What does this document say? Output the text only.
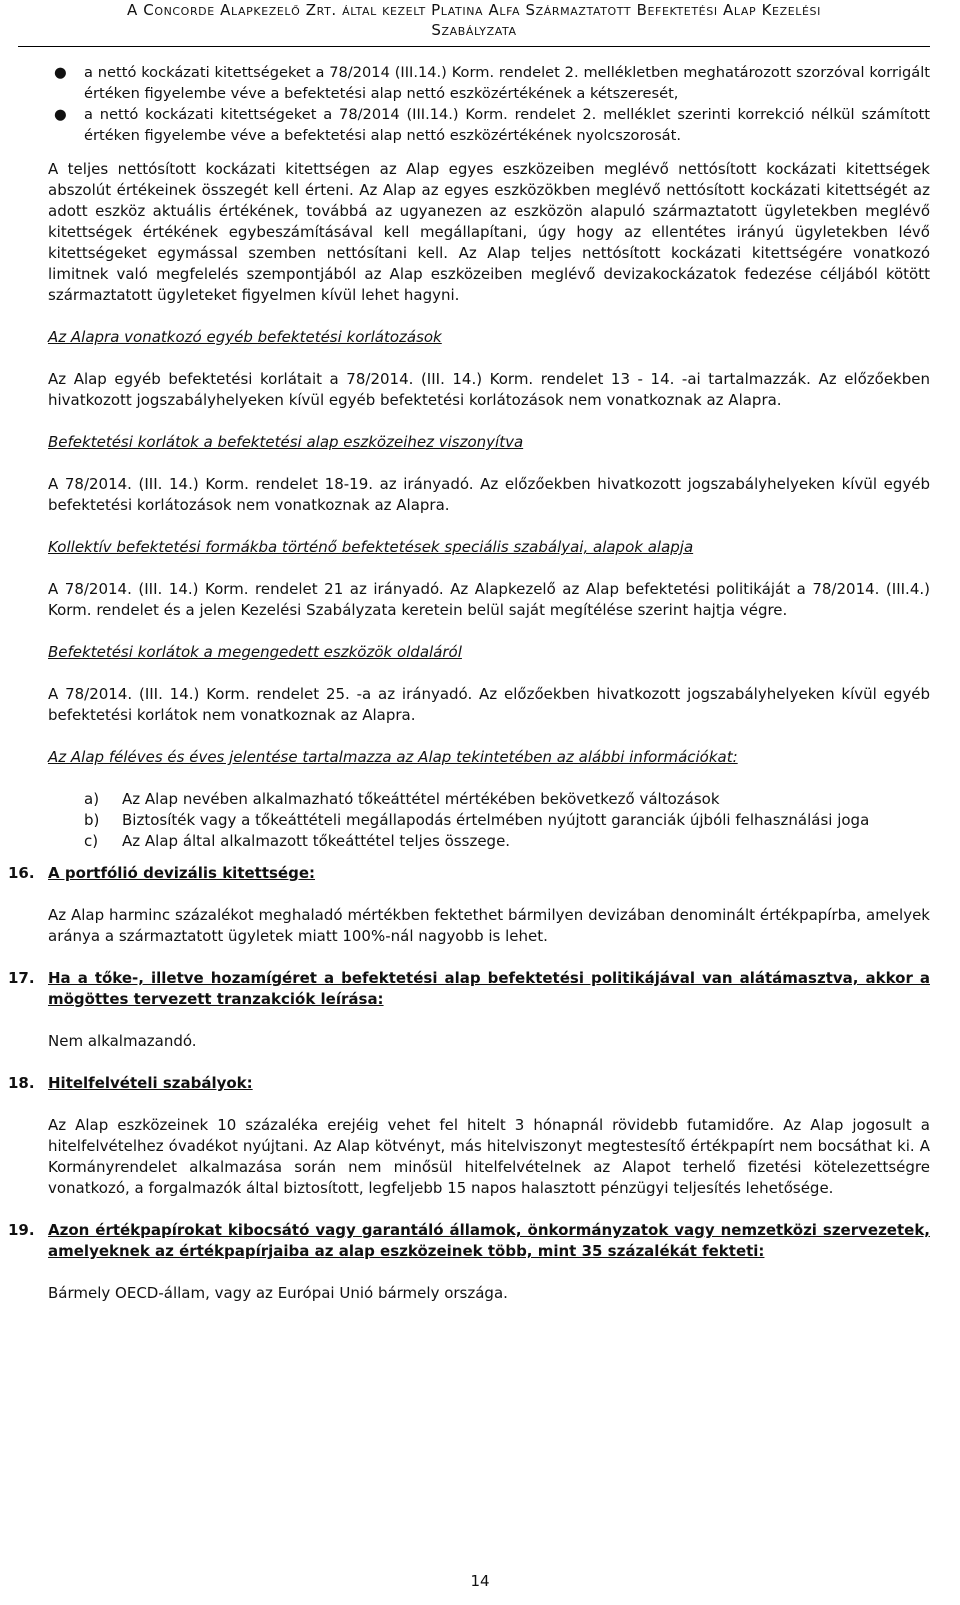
A Concorde Alapkezelő Zrt. által kezelt Platina Alfa Származtatott Befektetési Alap Kezelési
Szabályzata
● a nettó kockázati kitettségeket a 78/2014 (III.14.) Korm. rendelet 2. mellékletben meghatározott szorzóval korrigált értéken figyelembe véve a befektetési alap nettó eszközértékének a kétszeresét,
● a nettó kockázati kitettségeket a 78/2014 (III.14.) Korm. rendelet 2. melléklet szerinti korrekció nélkül számított értéken figyelembe véve a befektetési alap nettó eszközértékének nyolcszorosát.

A teljes nettósított kockázati kitettségen az Alap egyes eszközeiben meglévő nettósított kockázati kitettségek abszolút értékeinek összegét kell érteni. Az Alap az egyes eszközökben meglévő nettósított kockázati kitettségét az adott eszköz aktuális értékének, továbbá az ugyanezen az eszközön alapuló származtatott ügyletekben meglévő kitettségek értékének egybeszámításával kell megállapítani, úgy hogy az ellentétes irányú ügyletekben lévő kitettségeket egymással szemben nettósítani kell. Az Alap teljes nettósított kockázati kitettségére vonatkozó limitnek való megfelelés szempontjából az Alap eszközeiben meglévő devizakockázatok fedezése céljából kötött származtatott ügyleteket figyelmen kívül lehet hagyni.

Az Alapra vonatkozó egyéb befektetési korlátozások

Az Alap egyéb befektetési korlátait a 78/2014. (III. 14.) Korm. rendelet 13 - 14. -ai tartalmazzák. Az előzőekben hivatkozott jogszabályhelyeken kívül egyéb befektetési korlátozások nem vonatkoznak az Alapra.

Befektetési korlátok a befektetési alap eszközeihez viszonyítva

A 78/2014. (III. 14.) Korm. rendelet 18-19. az irányadó. Az előzőekben hivatkozott jogszabályhelyeken kívül egyéb befektetési korlátozások nem vonatkoznak az Alapra.

Kollektív befektetési formákba történő befektetések speciális szabályai, alapok alapja

A 78/2014. (III. 14.) Korm. rendelet 21 az irányadó. Az Alapkezelő az Alap befektetési politikáját a 78/2014. (III.4.) Korm. rendelet és a jelen Kezelési Szabályzata keretein belül saját megítélése szerint hajtja végre.

Befektetési korlátok a megengedett eszközök oldaláról

A 78/2014. (III. 14.) Korm. rendelet 25. -a az irányadó. Az előzőekben hivatkozott jogszabályhelyeken kívül egyéb befektetési korlátok nem vonatkoznak az Alapra.

Az Alap féléves és éves jelentése tartalmazza az Alap tekintetében az alábbi információkat:

a) Az Alap nevében alkalmazható tőkeáttétel mértékében bekövetkező változások
b) Biztosíték vagy a tőkeáttételi megállapodás értelmében nyújtott garanciák újbóli felhasználási joga
c) Az Alap által alkalmazott tőkeáttétel teljes összege.
16. A portfólió devizális kitettsége:

Az Alap harminc százalékot meghaladó mértékben fektethet bármilyen devizában denominált értékpapírba, amelyek aránya a származtatott ügyletek miatt 100%-nál nagyobb is lehet.

17. Ha a tőke-, illetve hozamígéret a befektetési alap befektetési politikájával van alátámasztva, akkor a mögöttes tervezett tranzakciók leírása:

Nem alkalmazandó.

18. Hitelfelvételi szabályok:

Az Alap eszközeinek 10 százaléka erejéig vehet fel hitelt 3 hónapnál rövidebb futamidőre. Az Alap jogosult a hitelfelvételhez óvadékot nyújtani. Az Alap kötvényt, más hitelviszonyt megtestesítő értékpapírt nem bocsáthat ki. A Kormányrendelet alkalmazása során nem minősül hitelfelvételnek az Alapot terhelő fizetési kötelezettségre vonatkozó, a forgalmazók által biztosított, legfeljebb 15 napos halasztott pénzügyi teljesítés lehetősége.

19. Azon értékpapírokat kibocsátó vagy garantáló államok, önkormányzatok vagy nemzetközi szervezetek, amelyeknek az értékpapírjaiba az alap eszközeinek több, mint 35 százalékát fekteti:

Bármely OECD-állam, vagy az Európai Unió bármely országa.

14
